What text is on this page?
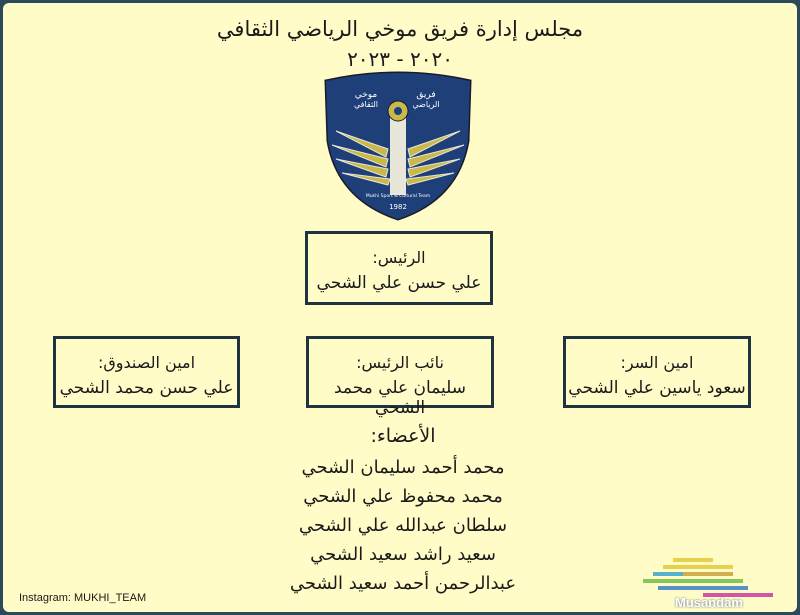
مجلس إدارة فريق موخي الرياضي الثقافي
٢٠٢٠ - ٢٠٢٣
موخي
الثقافي
فريق
الرياضي
Mukhi Sport & Cultural Team
1982
الرئيس:
علي حسن علي الشحي
امين الصندوق:
علي حسن محمد الشحي
نائب الرئيس:
سليمان علي محمد الشحي
امين السر:
سعود ياسين علي الشحي
الأعضاء:
محمد أحمد سليمان الشحي
محمد محفوظ علي الشحي
سلطان عبدالله علي الشحي
سعيد راشد سعيد الشحي
عبدالرحمن أحمد سعيد الشحي
Instagram: MUKHI_TEAM	Musandam
